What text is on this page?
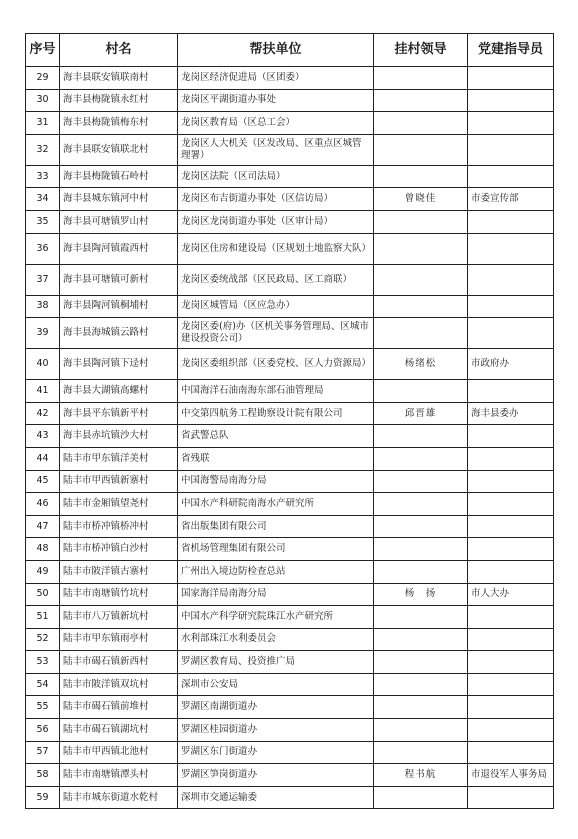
序号	村名	帮扶单位	挂村领导	党建指导员
29	海丰县联安镇联南村	龙岗区经济促进局（区团委）		
30	海丰县梅陇镇永红村	龙岗区平湖街道办事处		
31	海丰县梅陇镇梅东村	龙岗区教育局（区总工会）		
32	海丰县联安镇联北村	龙岗区人大机关（区发改局、区重点区城管理署）		
33	海丰县梅陇镇石岭村	龙岗区法院（区司法局）		
34	海丰县城东镇河中村	龙岗区布吉街道办事处（区信访局）	曾晓佳	市委宣传部
35	海丰县可塘镇罗山村	龙岗区龙岗街道办事处（区审计局）		
36	海丰县陶河镇霞西村	龙岗区住房和建设局（区规划土地监察大队）		
37	海丰县可塘镇可新村	龙岗区委统战部（区民政局、区工商联）		
38	海丰县陶河镇桐埔村	龙岗区城管局（区应急办）		
39	海丰县海城镇云路村	龙岗区委(府)办（区机关事务管理局、区城市建设投资公司）		
40	海丰县陶河镇下迳村	龙岗区委组织部（区委党校、区人力资源局）	杨绪松	市政府办
41	海丰县大湖镇高螺村	中国海洋石油南海东部石油管理局		
42	海丰县平东镇新平村	中交第四航务工程勘察设计院有限公司	邱晋雄	海丰县委办
43	海丰县赤坑镇沙大村	省武警总队		
44	陆丰市甲东镇洋美村	省残联		
45	陆丰市甲西镇新寨村	中国海警局南海分局		
46	陆丰市金厢镇望尧村	中国水产科研院南海水产研究所		
47	陆丰市桥冲镇桥冲村	省出版集团有限公司		
48	陆丰市桥冲镇白沙村	省机场管理集团有限公司		
49	陆丰市陂洋镇古寨村	广州出入境边防检查总站		
50	陆丰市南塘镇竹坑村	国家海洋局南海分局	杨　扬	市人大办
51	陆丰市八万镇新坑村	中国水产科学研究院珠江水产研究所		
52	陆丰市甲东镇雨亭村	水利部珠江水利委员会		
53	陆丰市碣石镇新西村	罗湖区教育局、投资推广局		
54	陆丰市陂洋镇双坑村	深圳市公安局		
55	陆丰市碣石镇前堆村	罗湖区南湖街道办		
56	陆丰市碣石镇湖坑村	罗湖区桂园街道办		
57	陆丰市甲西镇北池村	罗湖区东门街道办		
58	陆丰市南塘镇潭头村	罗湖区笋岗街道办	程书航	市退役军人事务局
59	陆丰市城东街道水乾村	深圳市交通运输委		
